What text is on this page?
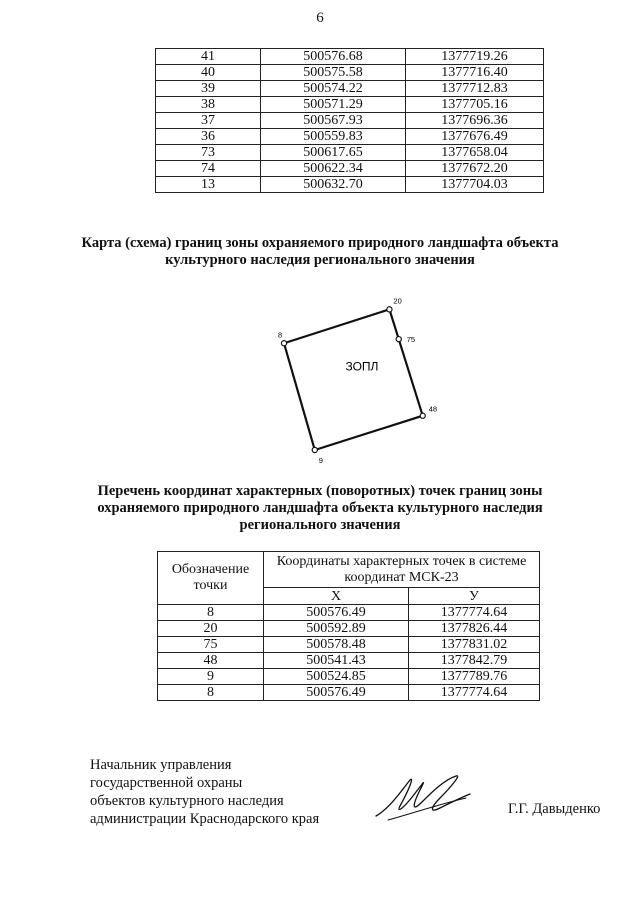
6
41	500576.68	1377719.26
40	500575.58	1377716.40
39	500574.22	1377712.83
38	500571.29	1377705.16
37	500567.93	1377696.36
36	500559.83	1377676.49
73	500617.65	1377658.04
74	500622.34	1377672.20
13	500632.70	1377704.03
Карта (схема) границ зоны охраняемого природного ландшафта объекта
культурного наследия регионального значения
ЗОПЛ
8
20
75
48
9
Перечень координат характерных (поворотных) точек границ зоны
охраняемого природного ландшафта объекта культурного наследия
регионального значения
Обозначение
точки	Координаты характерных точек в системе координат МСК-23	
	Х	У
8	500576.49	1377774.64
20	500592.89	1377826.44
75	500578.48	1377831.02
48	500541.43	1377842.79
9	500524.85	1377789.76
8	500576.49	1377774.64
Начальник управления
государственной охраны
объектов культурного наследия
администрации Краснодарского края
Г.Г. Давыденко
